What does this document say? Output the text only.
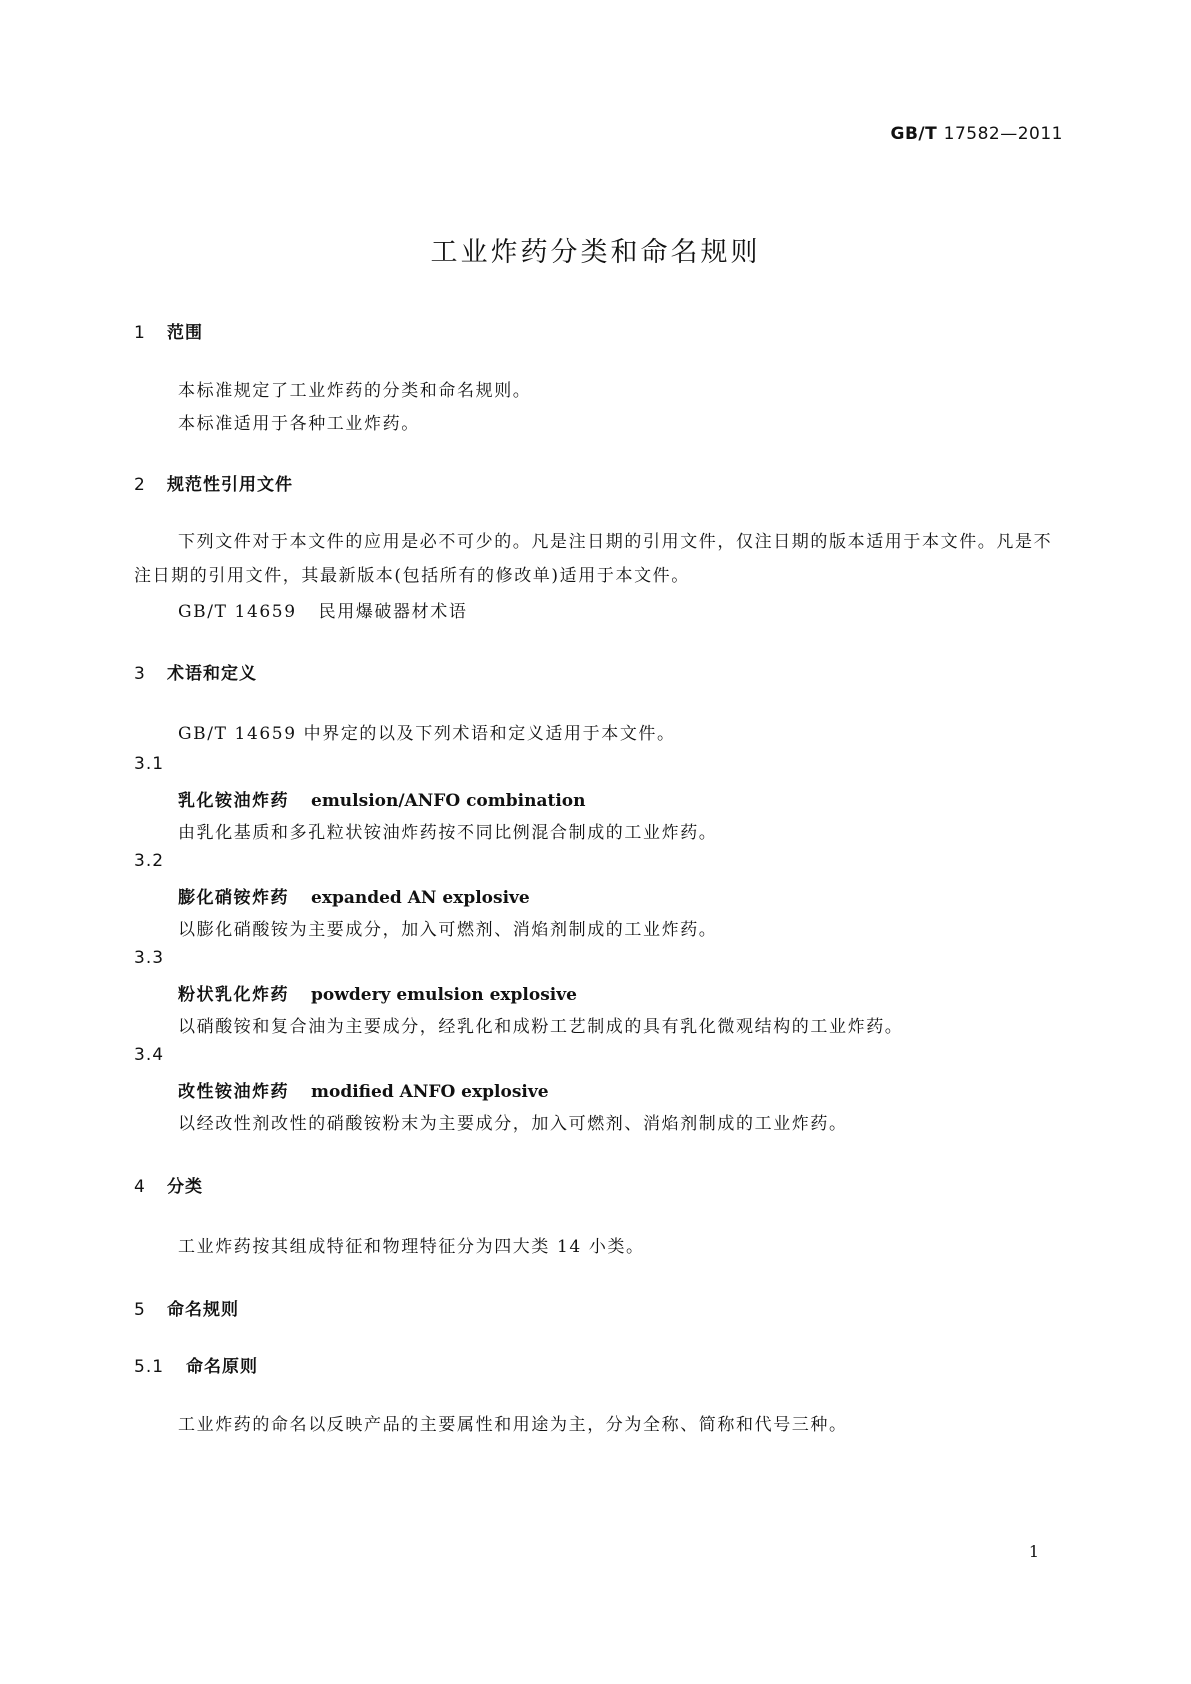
GB/T 17582—2011
工业炸药分类和命名规则
1 范围
本标准规定了工业炸药的分类和命名规则。
本标准适用于各种工业炸药。
2 规范性引用文件
下列文件对于本文件的应用是必不可少的。凡是注日期的引用文件，仅注日期的版本适用于本文件。凡是不注日期的引用文件，其最新版本(包括所有的修改单)适用于本文件。
GB/T 14659 民用爆破器材术语
3 术语和定义
GB/T 14659 中界定的以及下列术语和定义适用于本文件。
3.1
乳化铵油炸药 emulsion/ANFO combination
由乳化基质和多孔粒状铵油炸药按不同比例混合制成的工业炸药。
3.2
膨化硝铵炸药 expanded AN explosive
以膨化硝酸铵为主要成分，加入可燃剂、消焰剂制成的工业炸药。
3.3
粉状乳化炸药 powdery emulsion explosive
以硝酸铵和复合油为主要成分，经乳化和成粉工艺制成的具有乳化微观结构的工业炸药。
3.4
改性铵油炸药 modified ANFO explosive
以经改性剂改性的硝酸铵粉末为主要成分，加入可燃剂、消焰剂制成的工业炸药。
4 分类
工业炸药按其组成特征和物理特征分为四大类 14 小类。
5 命名规则
5.1 命名原则
工业炸药的命名以反映产品的主要属性和用途为主，分为全称、简称和代号三种。
1
